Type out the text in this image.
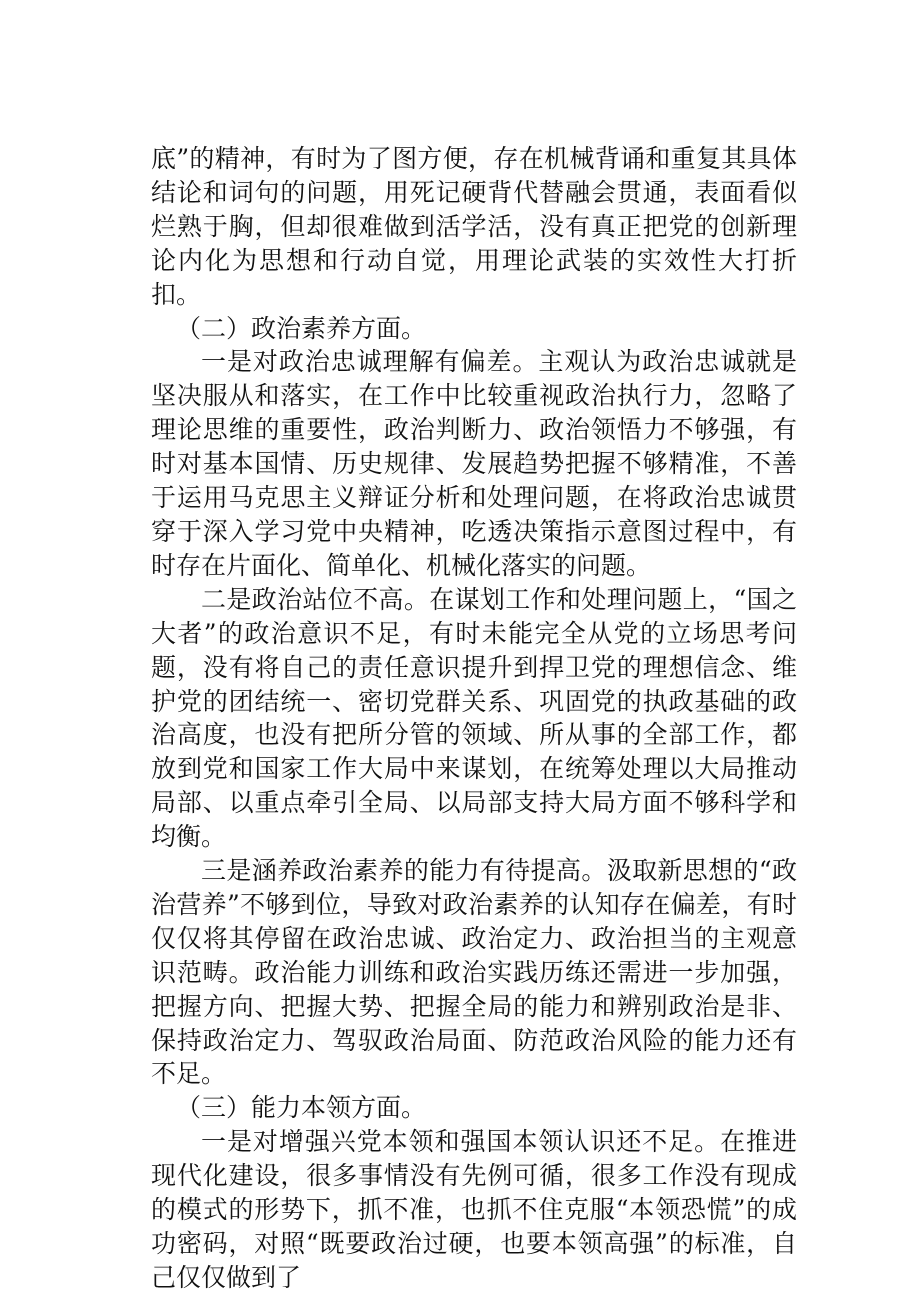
底”的精神，有时为了图方便，存在机械背诵和重复其具体结论和词句的问题，用死记硬背代替融会贯通，表面看似烂熟于胸，但却很难做到活学活，没有真正把党的创新理论内化为思想和行动自觉，用理论武装的实效性大打折扣。

（二）政治素养方面。

一是对政治忠诚理解有偏差。主观认为政治忠诚就是坚决服从和落实，在工作中比较重视政治执行力，忽略了理论思维的重要性，政治判断力、政治领悟力不够强，有时对基本国情、历史规律、发展趋势把握不够精准，不善于运用马克思主义辩证分析和处理问题，在将政治忠诚贯穿于深入学习党中央精神，吃透决策指示意图过程中，有时存在片面化、简单化、机械化落实的问题。

二是政治站位不高。在谋划工作和处理问题上，“国之大者”的政治意识不足，有时未能完全从党的立场思考问题，没有将自己的责任意识提升到捍卫党的理想信念、维护党的团结统一、密切党群关系、巩固党的执政基础的政治高度，也没有把所分管的领域、所从事的全部工作，都放到党和国家工作大局中来谋划，在统筹处理以大局推动局部、以重点牵引全局、以局部支持大局方面不够科学和均衡。

三是涵养政治素养的能力有待提高。汲取新思想的“政治营养”不够到位，导致对政治素养的认知存在偏差，有时仅仅将其停留在政治忠诚、政治定力、政治担当的主观意识范畴。政治能力训练和政治实践历练还需进一步加强，把握方向、把握大势、把握全局的能力和辨别政治是非、保持政治定力、驾驭政治局面、防范政治风险的能力还有不足。

（三）能力本领方面。

一是对增强兴党本领和强国本领认识还不足。在推进现代化建设，很多事情没有先例可循，很多工作没有现成的模式的形势下，抓不准，也抓不住克服“本领恐慌”的成功密码，对照“既要政治过硬，也要本领高强”的标准，自己仅仅做到了
